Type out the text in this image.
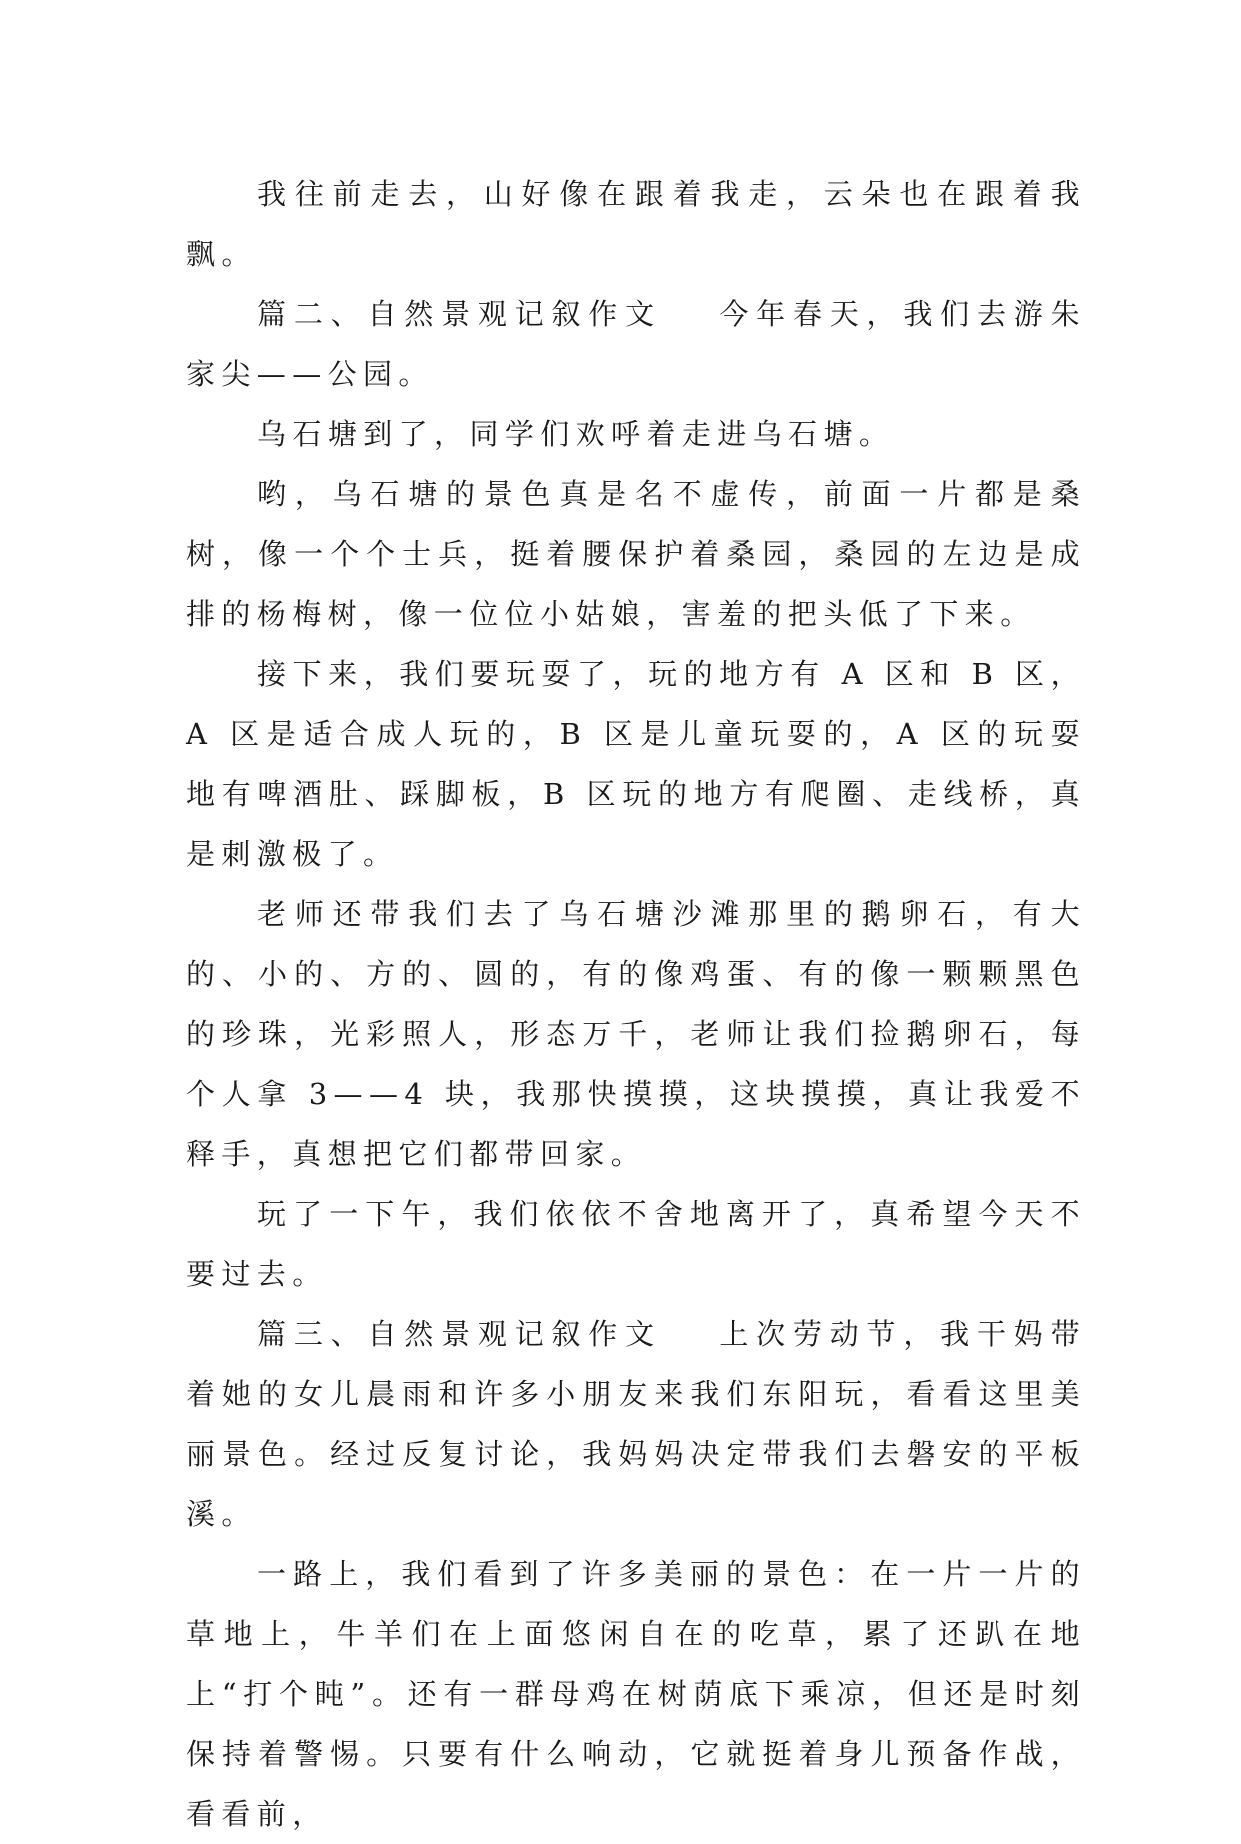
我往前走去，山好像在跟着我走，云朵也在跟着我飘。

篇二、自然景观记叙作文 今年春天，我们去游朱家尖——公园。

乌石塘到了，同学们欢呼着走进乌石塘。

哟，乌石塘的景色真是名不虚传，前面一片都是桑树，像一个个士兵，挺着腰保护着桑园，桑园的左边是成排的杨梅树，像一位位小姑娘，害羞的把头低了下来。

接下来，我们要玩耍了，玩的地方有 A 区和 B 区，A 区是适合成人玩的，B 区是儿童玩耍的，A 区的玩耍地有啤酒肚、踩脚板，B 区玩的地方有爬圈、走线桥，真是刺激极了。

老师还带我们去了乌石塘沙滩那里的鹅卵石，有大的、小的、方的、圆的，有的像鸡蛋、有的像一颗颗黑色的珍珠，光彩照人，形态万千，老师让我们捡鹅卵石，每个人拿 3——4 块，我那快摸摸，这块摸摸，真让我爱不释手，真想把它们都带回家。

玩了一下午，我们依依不舍地离开了，真希望今天不要过去。

篇三、自然景观记叙作文 上次劳动节，我干妈带着她的女儿晨雨和许多小朋友来我们东阳玩，看看这里美丽景色。经过反复讨论，我妈妈决定带我们去磐安的平板溪。

一路上，我们看到了许多美丽的景色：在一片一片的草地上，牛羊们在上面悠闲自在的吃草，累了还趴在地上“打个盹”。还有一群母鸡在树荫底下乘凉，但还是时刻保持着警惕。只要有什么响动，它就挺着身儿预备作战，看看前，
